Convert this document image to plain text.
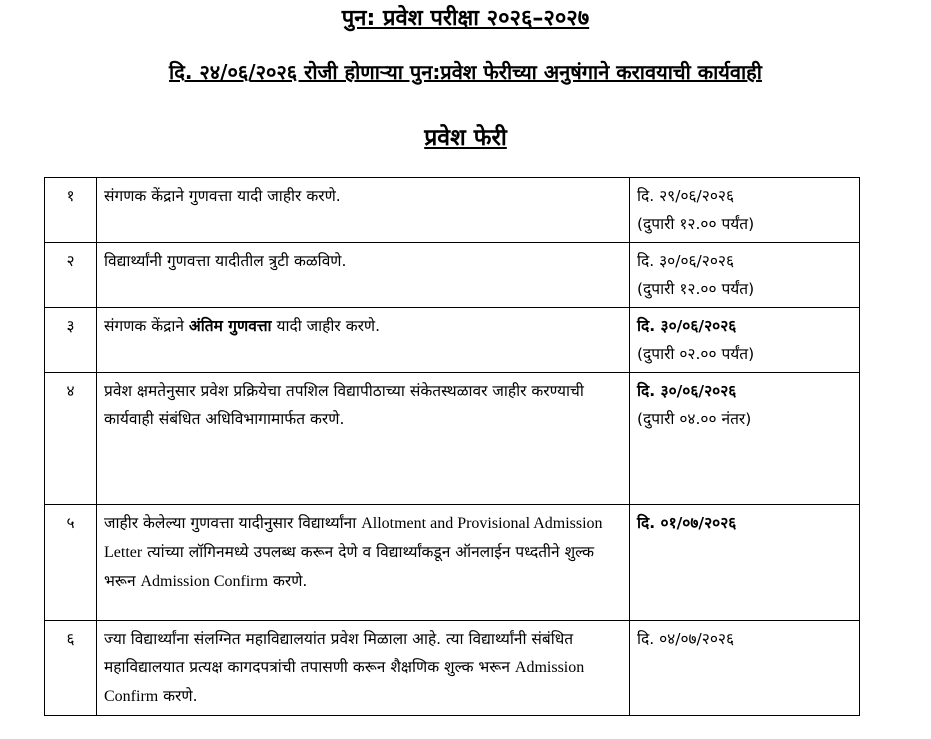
पुन: प्रवेश परीक्षा २०२६–२०२७
दि. २४/०६/२०२६ रोजी होणाऱ्या पुन:प्रवेश फेरीच्या अनुषंगाने करावयाची कार्यवाही
प्रवेश फेरी
१	संगणक केंद्राने गुणवत्ता यादी जाहीर करणे.	दि. २९/०६/२०२६
(दुपारी १२.०० पर्यंत)

२	विद्यार्थ्यांनी गुणवत्ता यादीतील त्रुटी कळविणे.	दि. ३०/०६/२०२६
(दुपारी १२.०० पर्यंत)

३	संगणक केंद्राने अंतिम गुणवत्ता यादी जाहीर करणे.	दि. ३०/०६/२०२६
(दुपारी ०२.०० पर्यंत)

४	प्रवेश क्षमतेनुसार प्रवेश प्रक्रियेचा तपशिल विद्यापीठाच्या संकेतस्थळावर जाहीर करण्याची कार्यवाही संबंधित अधिविभागामार्फत करणे.	दि. ३०/०६/२०२६
(दुपारी ०४.०० नंतर)

५	जाहीर केलेल्या गुणवत्ता यादीनुसार विद्यार्थ्यांना Allotment and Provisional Admission Letter त्यांच्या लॉगिनमध्ये उपलब्ध करून देणे व विद्यार्थ्यांकडून ऑनलाईन पध्दतीने शुल्क भरून Admission Confirm करणे.	दि. ०१/०७/२०२६

६	ज्या विद्यार्थ्यांना संलग्नित महाविद्यालयांत प्रवेश मिळाला आहे. त्या विद्यार्थ्यांनी संबंधित महाविद्यालयात प्रत्यक्ष कागदपत्रांची तपासणी करून शैक्षणिक शुल्क भरून Admission Confirm करणे.	दि. ०४/०७/२०२६
